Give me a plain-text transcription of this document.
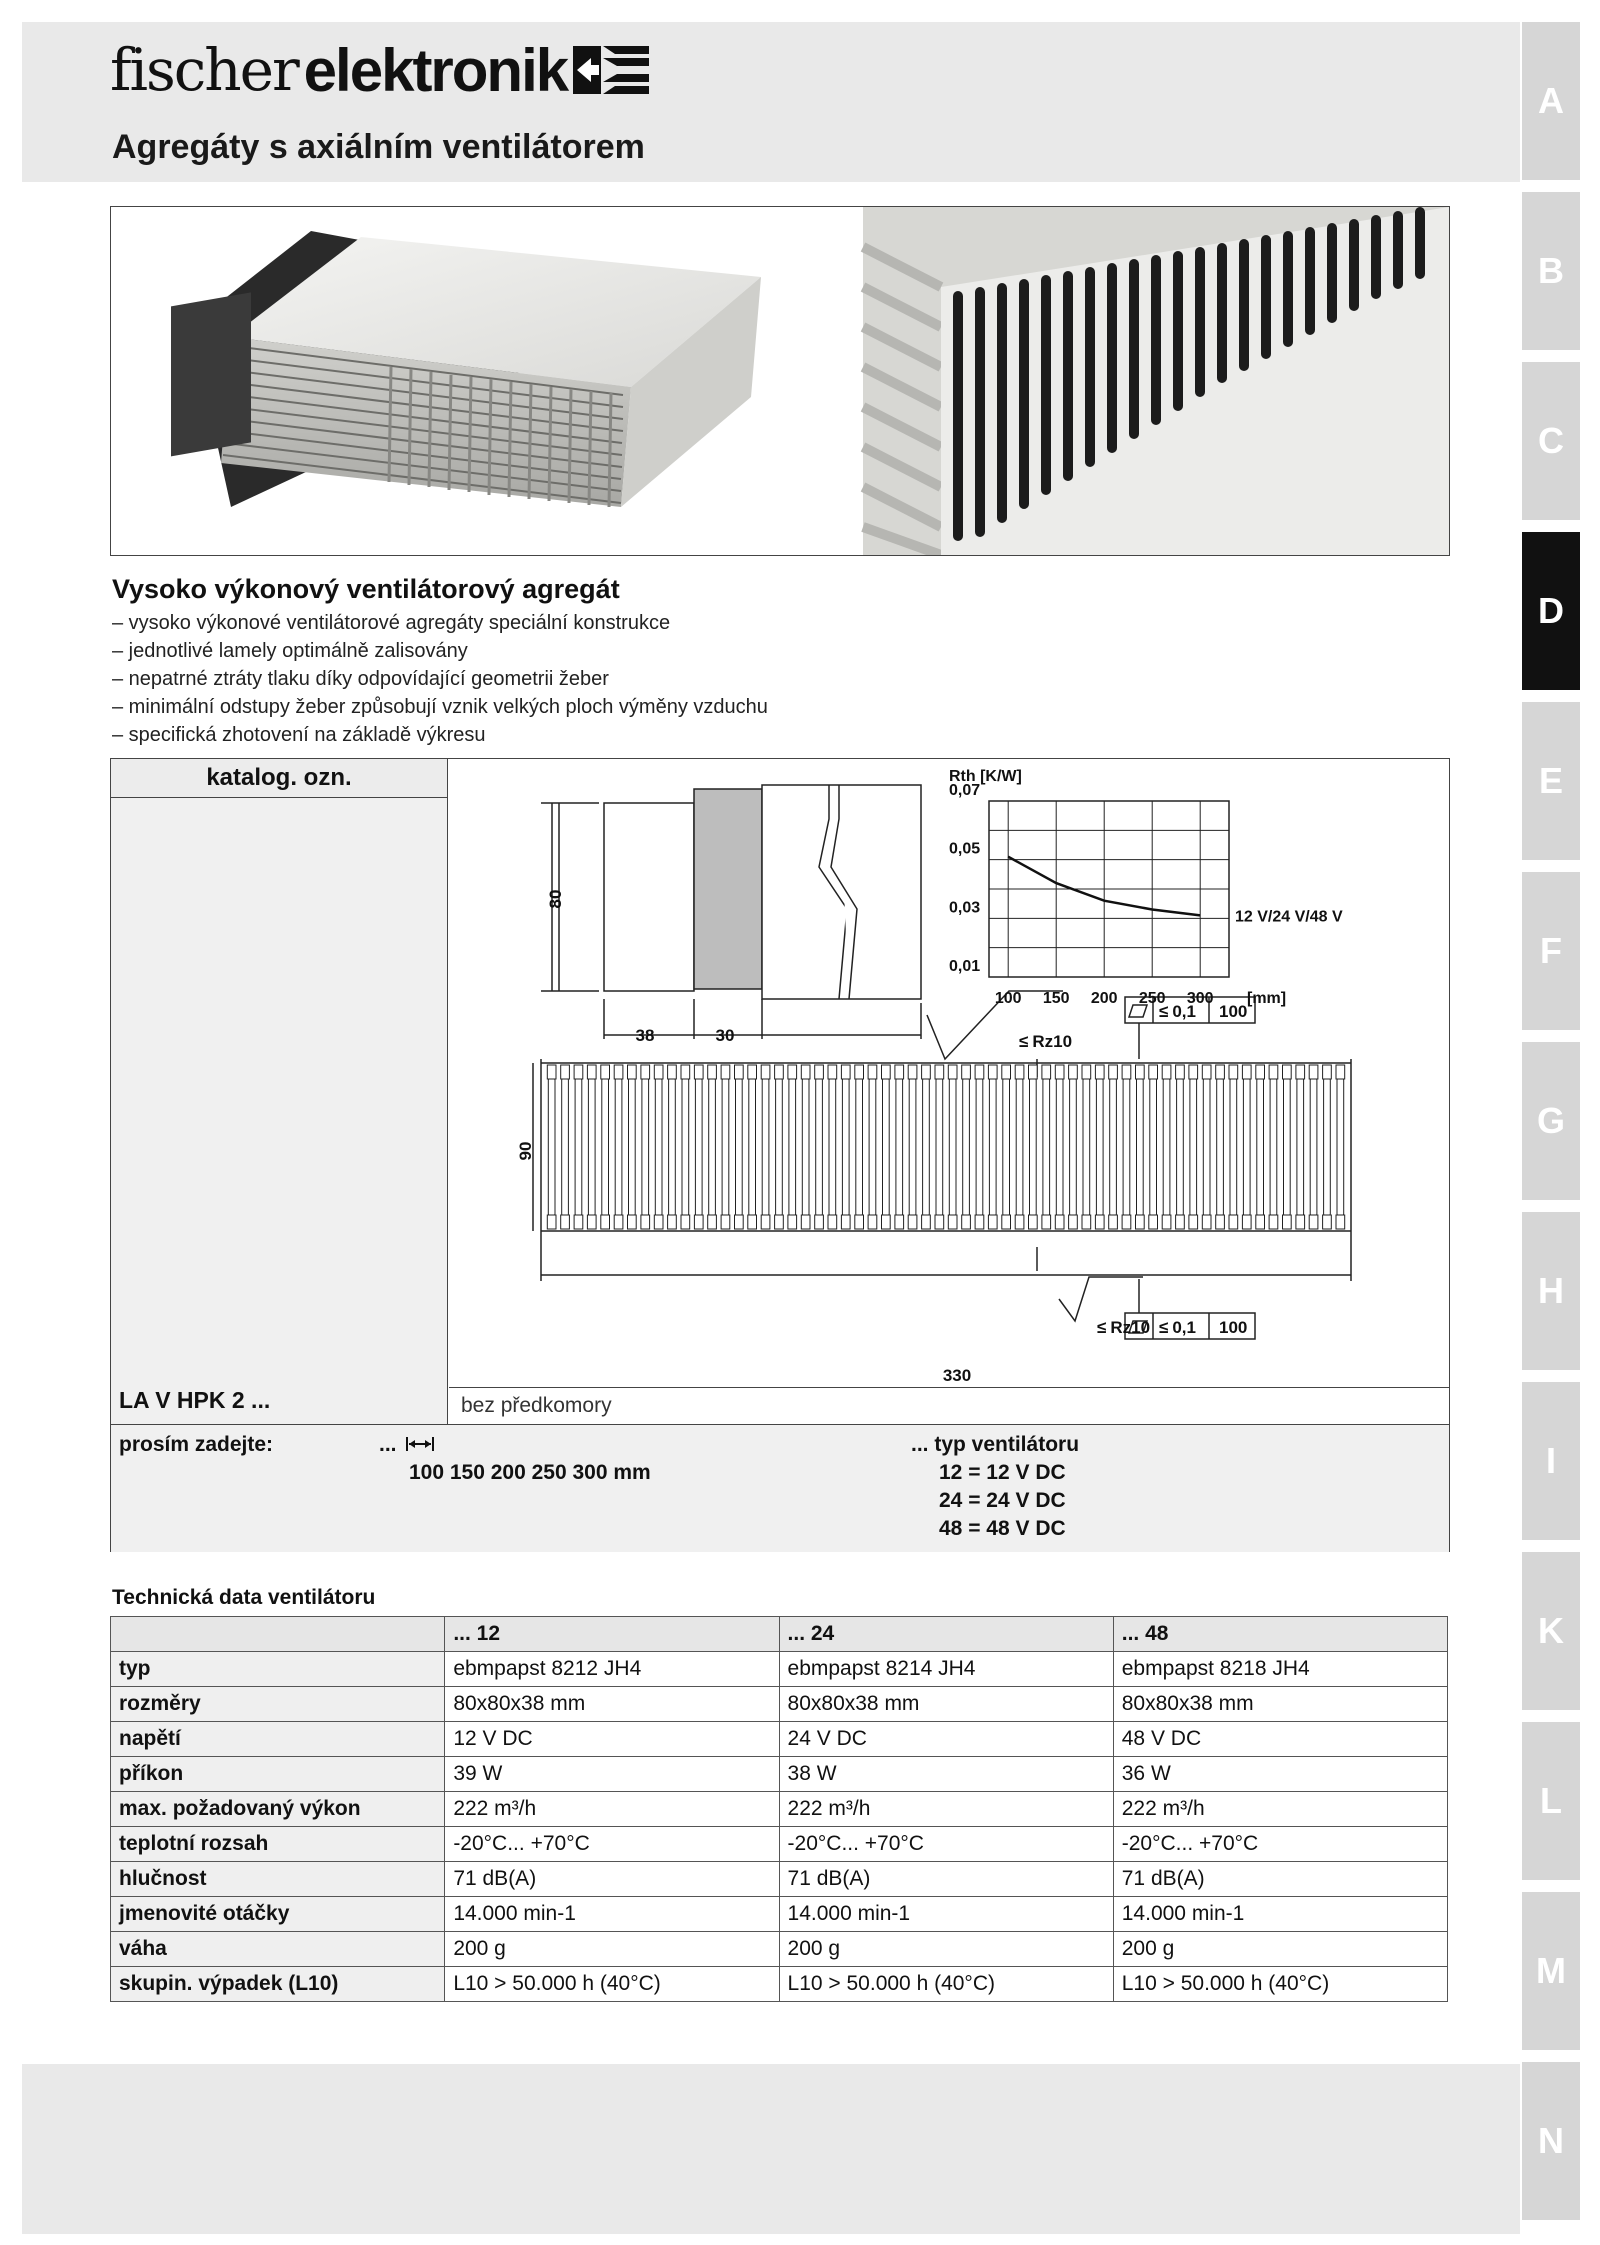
fischer elektronik
Agregáty s axiálním ventilátorem
A
B
C
D
E
F
G
H
I
K
L
M
N
Vysoko výkonový ventilátorový agregát
– vysoko výkonové ventilátorové agregáty speciální konstrukce
– jednotlivé lamely optimálně zalisovány
– nepatrné ztráty tlaku díky odpovídající geometrii žeber
– minimální odstupy žeber způsobují vznik velkých ploch výměny vzduchu
– specifická zhotovení na základě výkresu
katalog. ozn.
LA V HPK 2 ...
80
38	30
90
330
≤ Rz10
≤ Rz10
≤ 0,1 100
≤ 0,1 100
0,07
0,05
0,03
0,01
100 150 200 250 300
Rth [K/W]
[mm]
12 V/24 V/48 V
bez předkomory
prosím zadejte:	...
100 150 200 250 300 mm
... typ ventilátoru
12 = 12 V DC
24 = 24 V DC
48 = 48 V DC
Technická data ventilátoru
	... 12	... 24	... 48
typ	ebmpapst 8212 JH4	ebmpapst 8214 JH4	ebmpapst 8218 JH4
rozměry	80x80x38 mm	80x80x38 mm	80x80x38 mm
napětí	12 V DC	24 V DC	48 V DC
příkon	39 W	38 W	36 W
max. požadovaný výkon	222 m³/h	222 m³/h	222 m³/h
teplotní rozsah	-20°C... +70°C	-20°C... +70°C	-20°C... +70°C
hlučnost	71 dB(A)	71 dB(A)	71 dB(A)
jmenovité otáčky	14.000 min-1	14.000 min-1	14.000 min-1
váha	200 g	200 g	200 g
skupin. výpadek (L10)	L10 > 50.000 h (40°C)	L10 > 50.000 h (40°C)	L10 > 50.000 h (40°C)
